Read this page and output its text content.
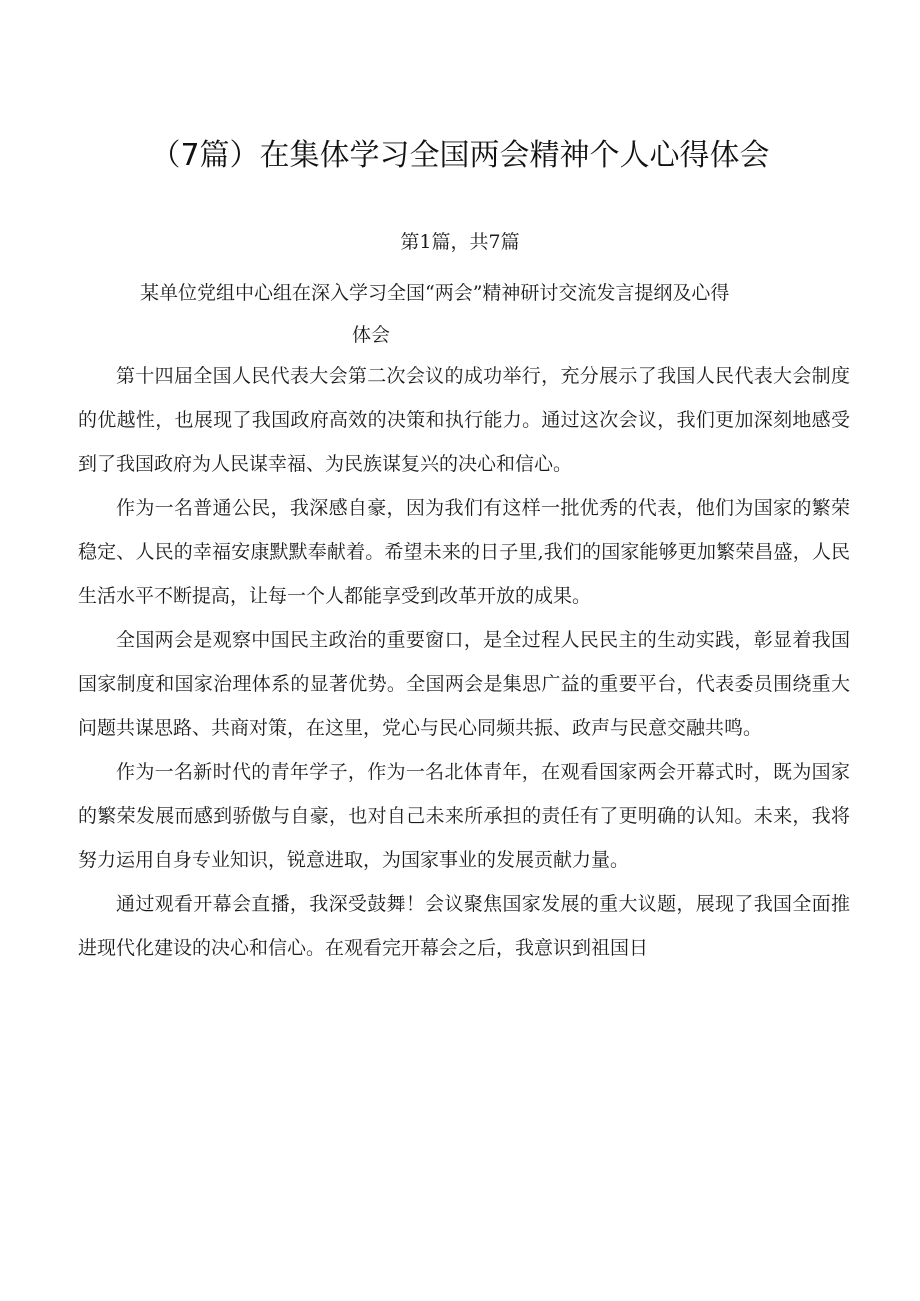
（7篇）在集体学习全国两会精神个人心得体会
第1篇，共7篇
某单位党组中心组在深入学习全国“两会”精神研讨交流发言提纲及心得
体会

第十四届全国人民代表大会第二次会议的成功举行，充分展示了我国人民代表大会制度的优越性，也展现了我国政府高效的决策和执行能力。通过这次会议，我们更加深刻地感受到了我国政府为人民谋幸福、为民族谋复兴的决心和信心。

作为一名普通公民，我深感自豪，因为我们有这样一批优秀的代表，他们为国家的繁荣稳定、人民的幸福安康默默奉献着。希望未来的日子里,我们的国家能够更加繁荣昌盛，人民生活水平不断提高，让每一个人都能享受到改革开放的成果。

全国两会是观察中国民主政治的重要窗口，是全过程人民民主的生动实践，彰显着我国国家制度和国家治理体系的显著优势。全国两会是集思广益的重要平台，代表委员围绕重大问题共谋思路、共商对策，在这里，党心与民心同频共振、政声与民意交融共鸣。

作为一名新时代的青年学子，作为一名北体青年，在观看国家两会开幕式时，既为国家的繁荣发展而感到骄傲与自豪，也对自己未来所承担的责任有了更明确的认知。未来，我将努力运用自身专业知识，锐意进取，为国家事业的发展贡献力量。

通过观看开幕会直播，我深受鼓舞！会议聚焦国家发展的重大议题，展现了我国全面推进现代化建设的决心和信心。在观看完开幕会之后，我意识到祖国日
